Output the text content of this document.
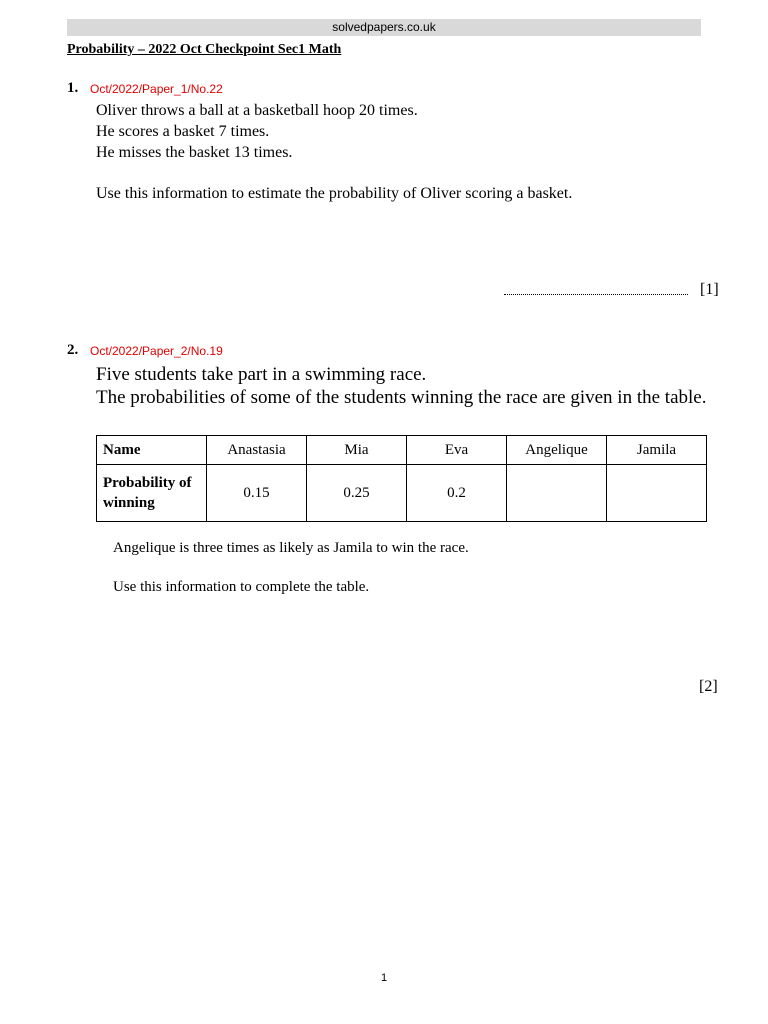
solvedpapers.co.uk
Probability – 2022 Oct Checkpoint Sec1 Math
1. Oct/2022/Paper_1/No.22
Oliver throws a ball at a basketball hoop 20 times.
He scores a basket 7 times.
He misses the basket 13 times.
Use this information to estimate the probability of Oliver scoring a basket.
[1]
2. Oct/2022/Paper_2/No.19
Five students take part in a swimming race.
The probabilities of some of the students winning the race are given in the table.
Name	Anastasia	Mia	Eva	Angelique	Jamila
Probability of winning	0.15	0.25	0.2		
Angelique is three times as likely as Jamila to win the race.
Use this information to complete the table.
[2]
1
